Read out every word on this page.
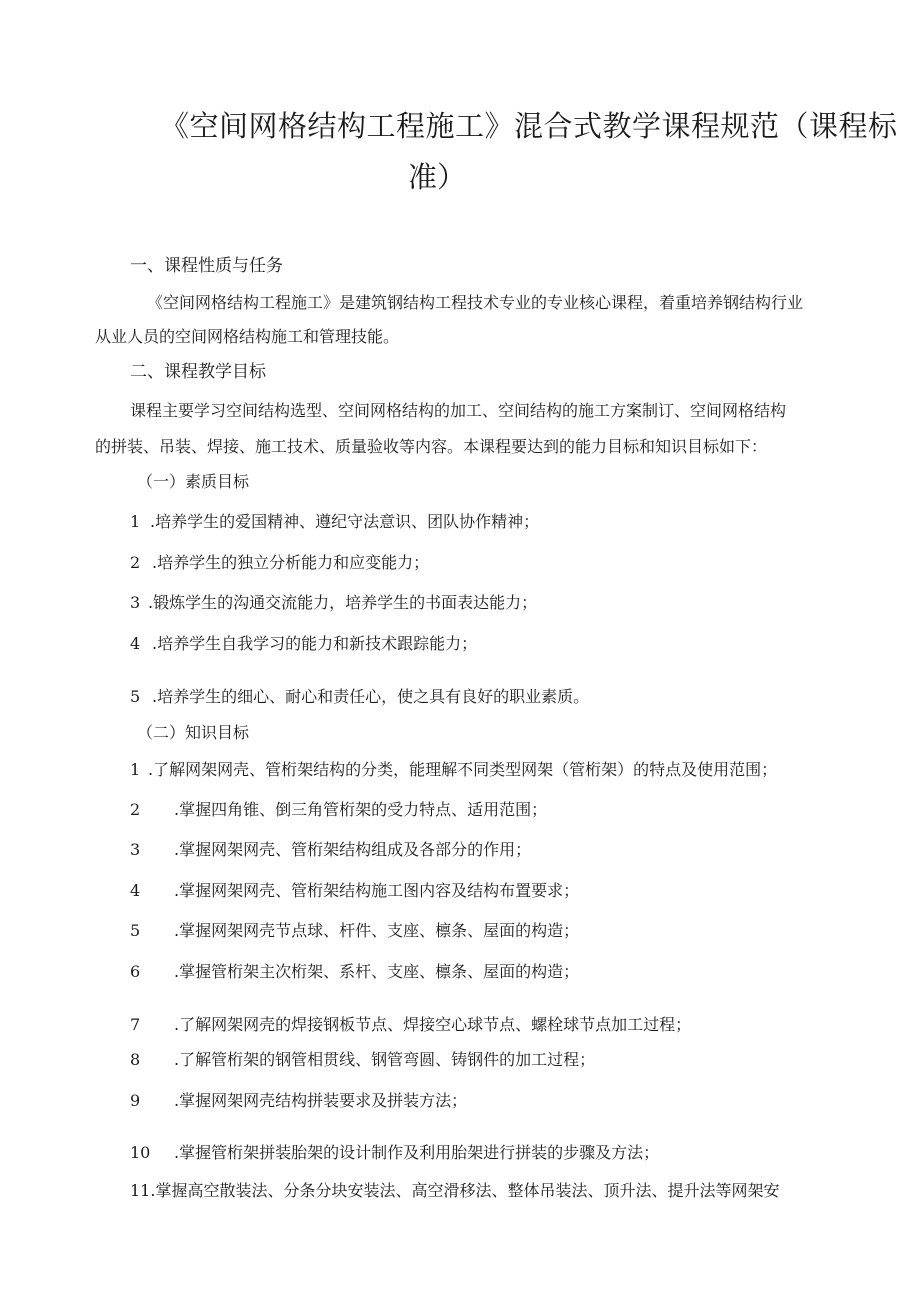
《空间网格结构工程施工》混合式教学课程规范（课程标
准）
一、课程性质与任务
《空间网格结构工程施工》是建筑钢结构工程技术专业的专业核心课程，着重培养钢结构行业
从业人员的空间网格结构施工和管理技能。
二、课程教学目标
课程主要学习空间结构选型、空间网格结构的加工、空间结构的施工方案制订、空间网格结构
的拼装、吊装、焊接、施工技术、质量验收等内容。本课程要达到的能力目标和知识目标如下：
（一）素质目标
1 .培养学生的爱国精神、遵纪守法意识、团队协作精神；
2 .培养学生的独立分析能力和应变能力；
3 .锻炼学生的沟通交流能力，培养学生的书面表达能力；
4 .培养学生自我学习的能力和新技术跟踪能力；
5 .培养学生的细心、耐心和责任心，使之具有良好的职业素质。
（二）知识目标
1 .了解网架网壳、管桁架结构的分类，能理解不同类型网架（管桁架）的特点及使用范围；
2 .掌握四角锥、倒三角管桁架的受力特点、适用范围；
3 .掌握网架网壳、管桁架结构组成及各部分的作用；
4 .掌握网架网壳、管桁架结构施工图内容及结构布置要求；
5 .掌握网架网壳节点球、杆件、支座、檩条、屋面的构造；
6 .掌握管桁架主次桁架、系杆、支座、檩条、屋面的构造；
7 .了解网架网壳的焊接钢板节点、焊接空心球节点、螺栓球节点加工过程；
8 .了解管桁架的钢管相贯线、钢管弯圆、铸钢件的加工过程；
9 .掌握网架网壳结构拼装要求及拼装方法；
10 .掌握管桁架拼装胎架的设计制作及利用胎架进行拼装的步骤及方法；
11.掌握高空散装法、分条分块安装法、高空滑移法、整体吊装法、顶升法、提升法等网架安
